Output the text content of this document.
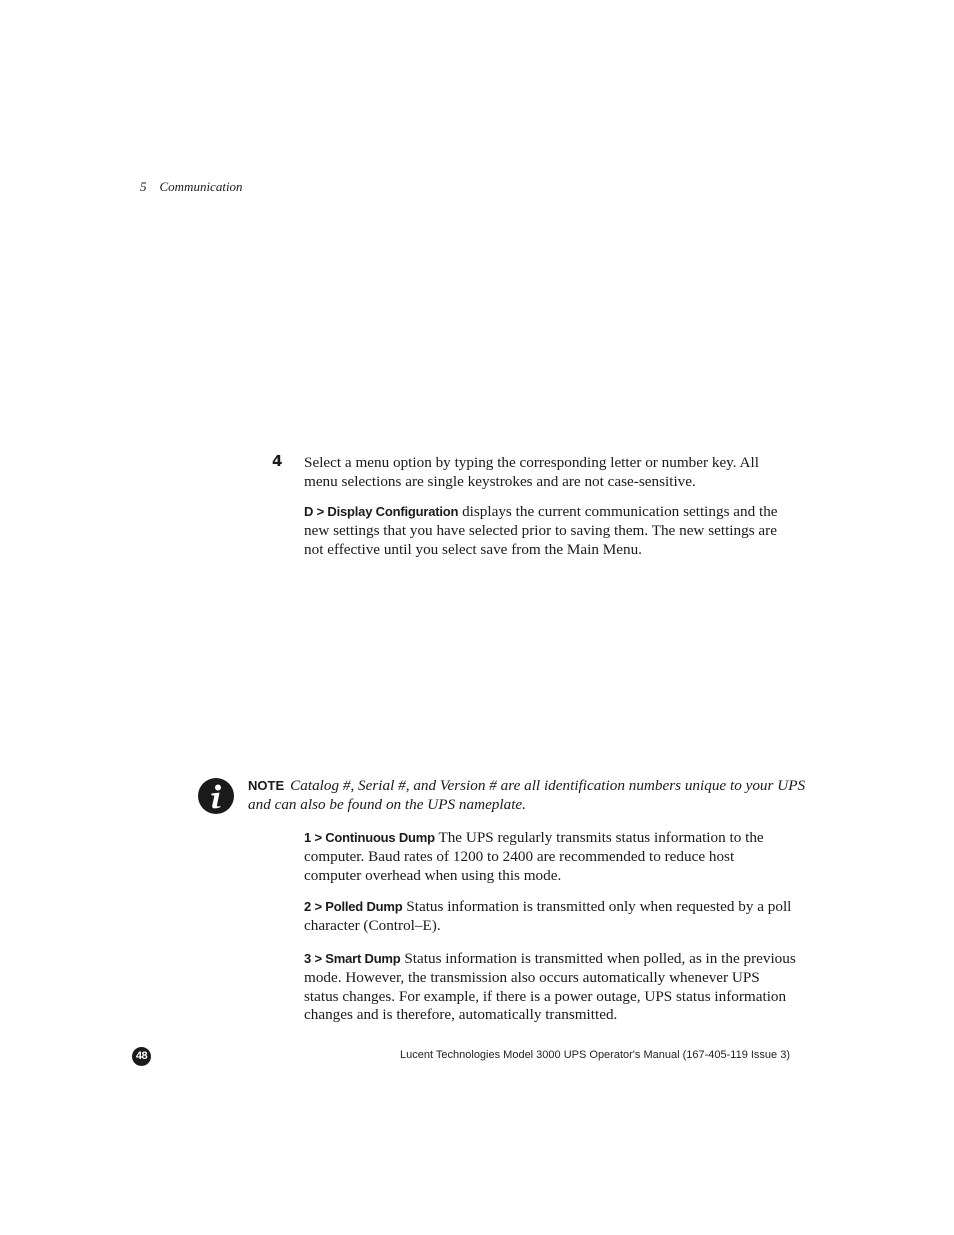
5 Communication
4 Select a menu option by typing the corresponding letter or number key. All menu selections are single keystrokes and are not case-sensitive.
D > Display Configuration displays the current communication settings and the new settings that you have selected prior to saving them. The new settings are not effective until you select save from the Main Menu.
NOTE Catalog #, Serial #, and Version # are all identification numbers unique to your UPS and can also be found on the UPS nameplate.
1 > Continuous Dump The UPS regularly transmits status information to the computer. Baud rates of 1200 to 2400 are recommended to reduce host computer overhead when using this mode.
2 > Polled Dump Status information is transmitted only when requested by a poll character (Control–E).
3 > Smart Dump Status information is transmitted when polled, as in the previous mode. However, the transmission also occurs automatically whenever UPS status changes. For example, if there is a power outage, UPS status information changes and is therefore, automatically transmitted.
48	Lucent Technologies Model 3000 UPS Operator's Manual (167-405-119 Issue 3)
